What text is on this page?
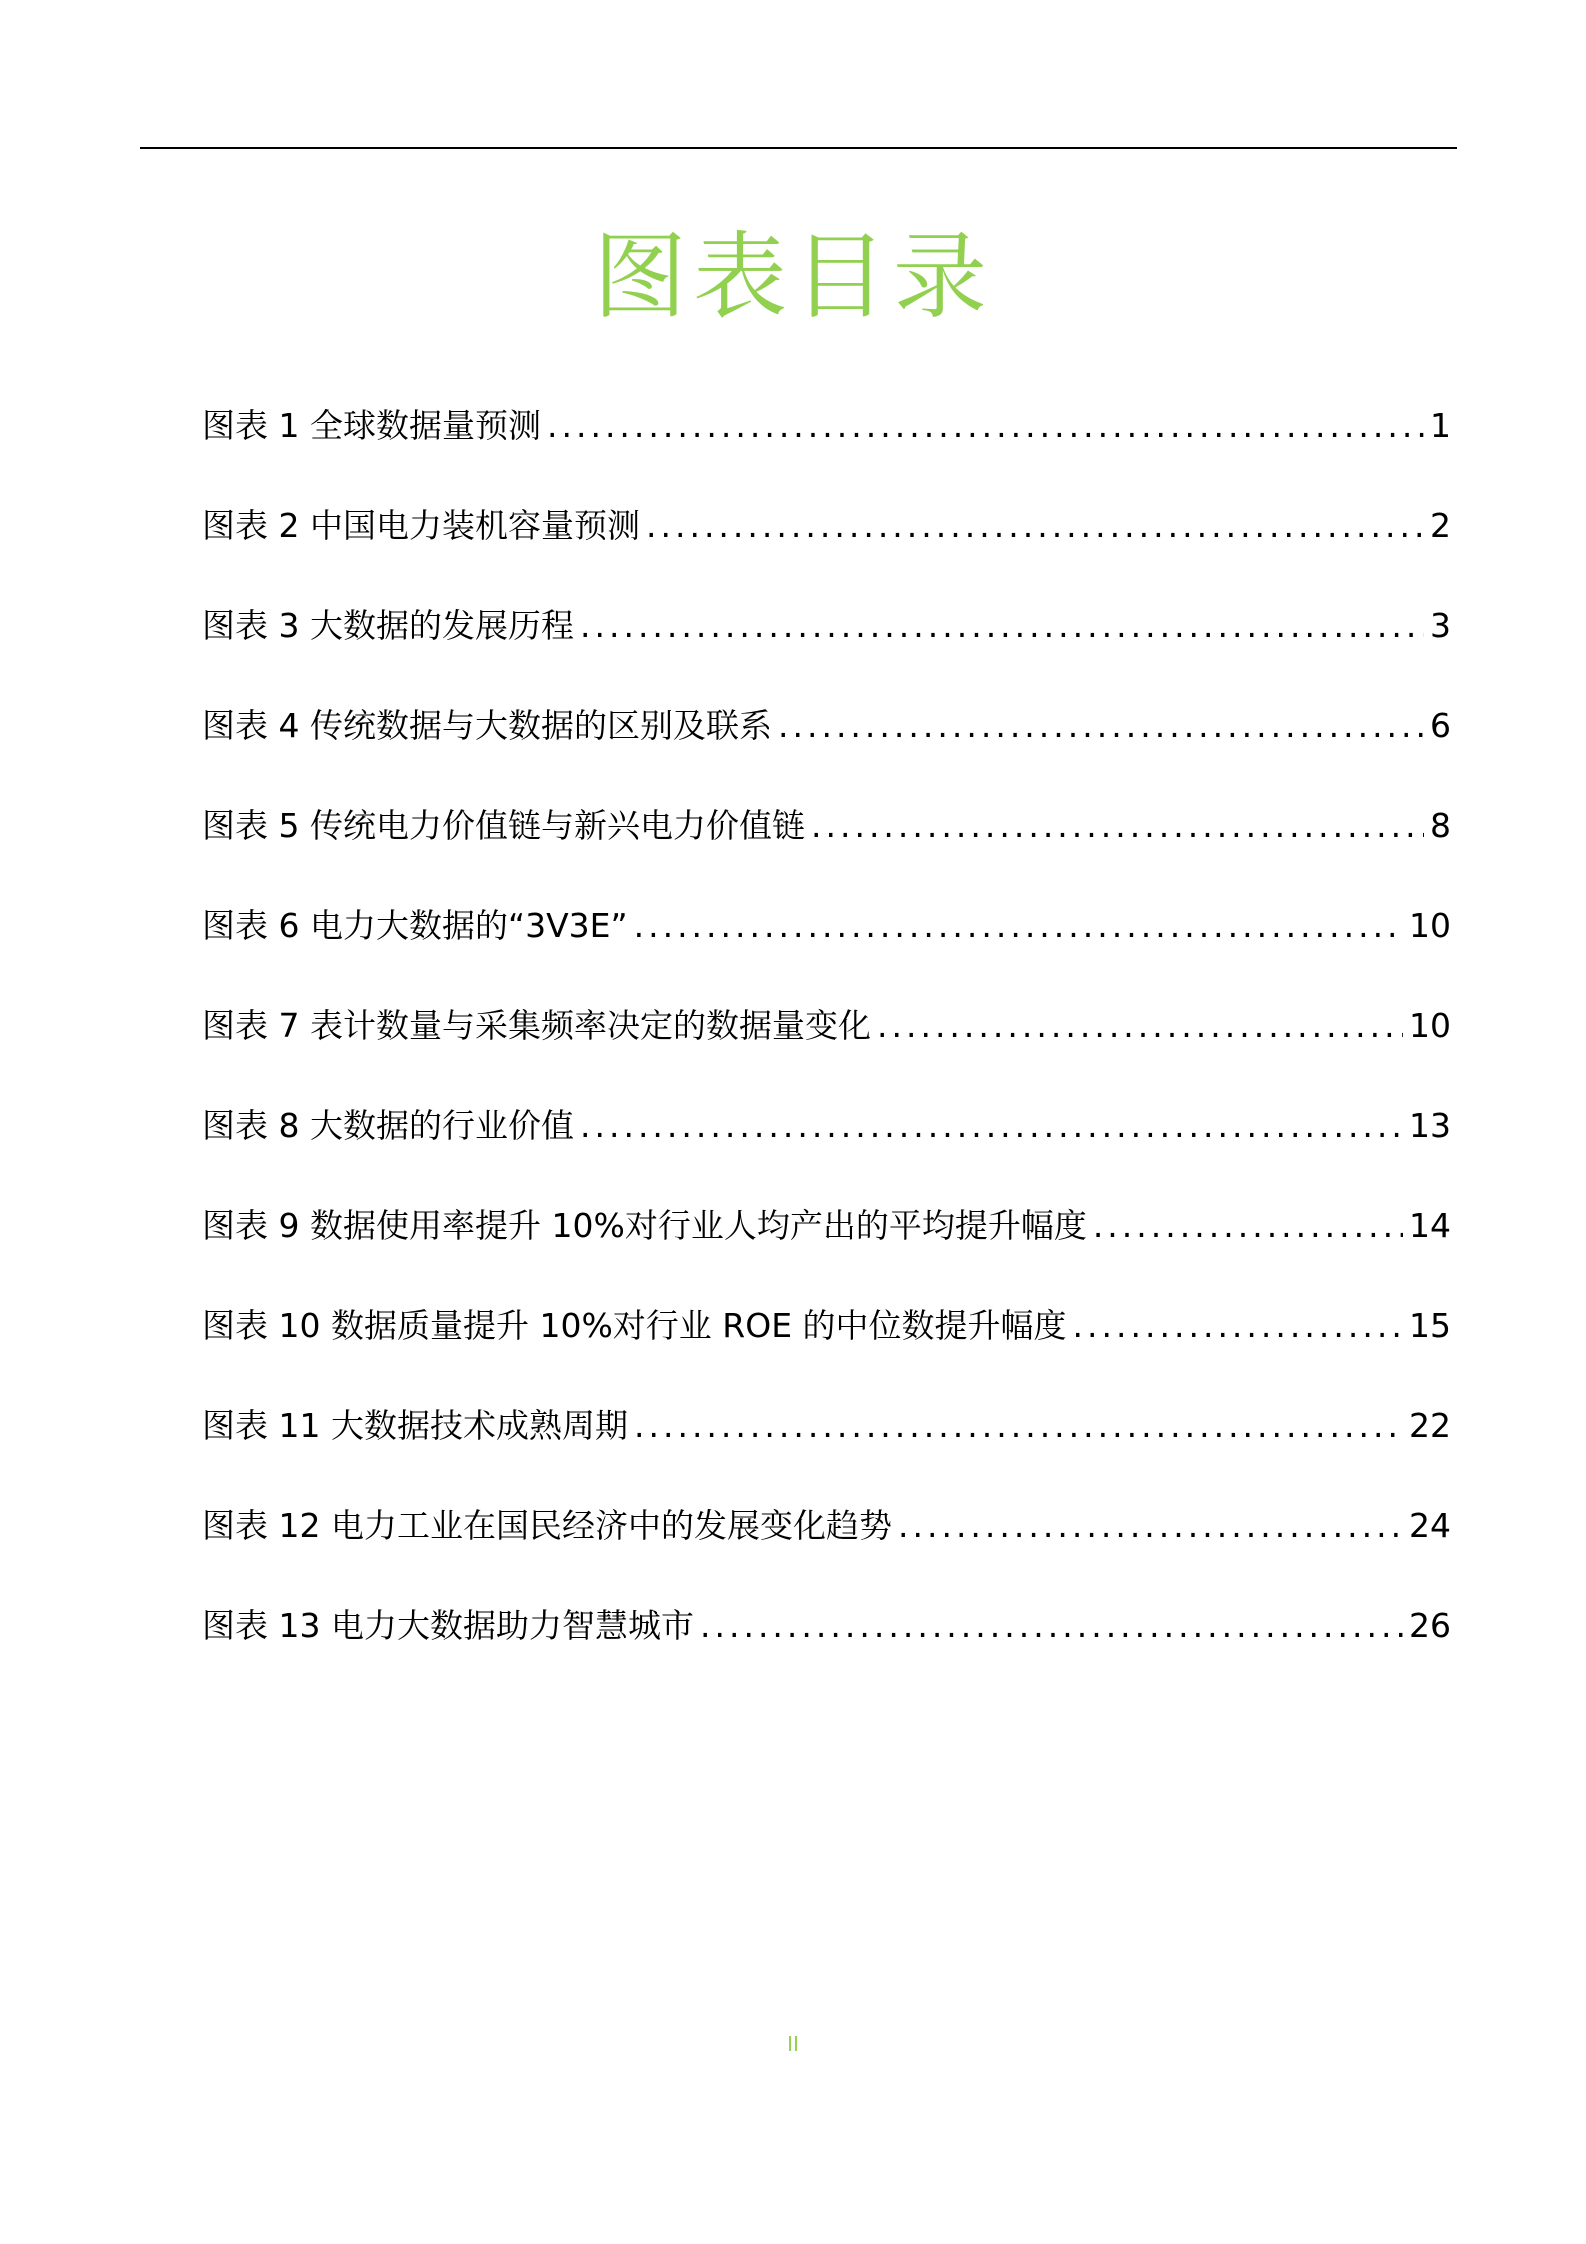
图表目录
图表 1 全球数据量预测 .....	1
图表 2 中国电力装机容量预测 .....	2
图表 3 大数据的发展历程 .....	3
图表 4 传统数据与大数据的区别及联系 .....	6
图表 5 传统电力价值链与新兴电力价值链 .....	8
图表 6 电力大数据的“3V3E” .....	10
图表 7 表计数量与采集频率决定的数据量变化 .....	10
图表 8 大数据的行业价值 .....	13
图表 9 数据使用率提升 10%对行业人均产出的平均提升幅度 .....	14
图表 10 数据质量提升 10%对行业 ROE 的中位数提升幅度 .....	15
图表 11 大数据技术成熟周期 .....	22
图表 12 电力工业在国民经济中的发展变化趋势 .....	24
图表 13 电力大数据助力智慧城市 .....	26
II
